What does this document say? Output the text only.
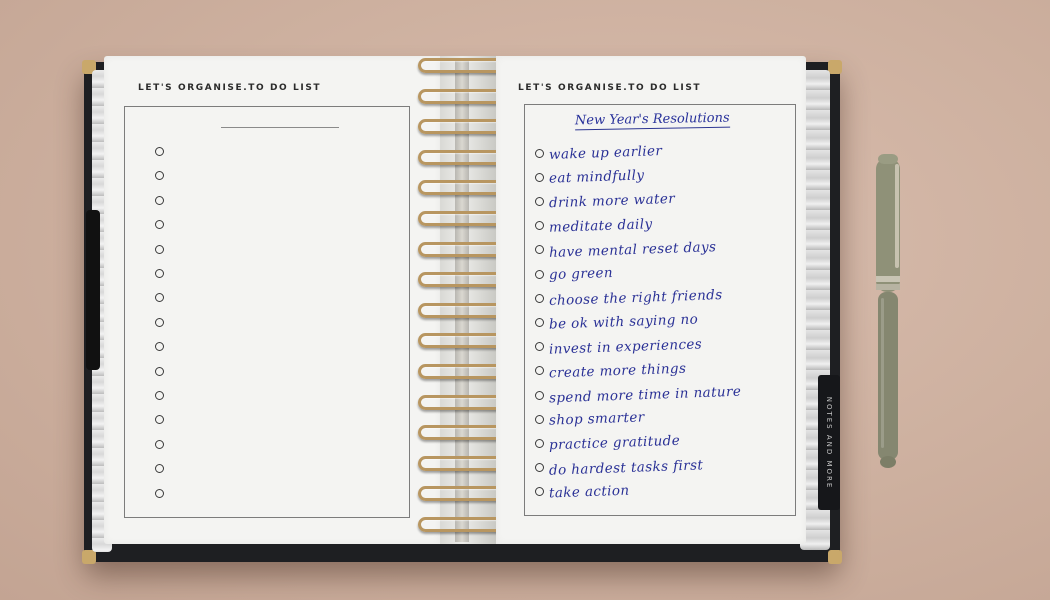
NOTES AND MORE
LET'S ORGANISE.TO DO LIST	LET'S ORGANISE.TO DO LIST
New Year's Resolutions
wake up earlier
eat mindfully
drink more water
meditate daily
have mental reset days
go green
choose the right friends
be ok with saying no
invest in experiences
create more things
spend more time in nature
shop smarter
practice gratitude
do hardest tasks first
take action
